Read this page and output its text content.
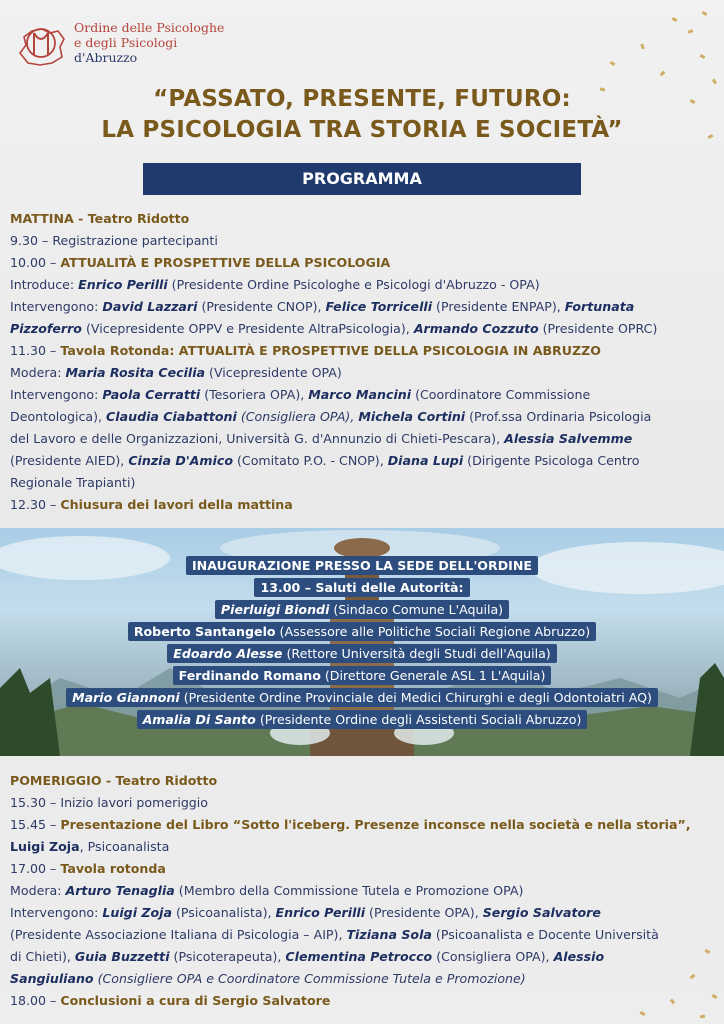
Ordine delle Psicologhe
e degli Psicologi
d'Abruzzo
“PASSATO, PRESENTE, FUTURO:
LA PSICOLOGIA TRA STORIA E SOCIETÀ”
PROGRAMMA

MATTINA - Teatro Ridotto

9.30 – Registrazione partecipanti

10.00 – ATTUALITÀ E PROSPETTIVE DELLA PSICOLOGIA

Introduce: Enrico Perilli (Presidente Ordine Psicologhe e Psicologi d'Abruzzo - OPA)

Intervengono: David Lazzari (Presidente CNOP), Felice Torricelli (Presidente ENPAP), Fortunata

Pizzoferro (Vicepresidente OPPV e Presidente AltraPsicologia), Armando Cozzuto (Presidente OPRC)

11.30 – Tavola Rotonda: ATTUALITÀ E PROSPETTIVE DELLA PSICOLOGIA IN ABRUZZO

Modera: Maria Rosita Cecilia (Vicepresidente OPA)

Intervengono: Paola Cerratti (Tesoriera OPA), Marco Mancini (Coordinatore Commissione

Deontologica), Claudia Ciabattoni (Consigliera OPA), Michela Cortini (Prof.ssa Ordinaria Psicologia

del Lavoro e delle Organizzazioni, Università G. d'Annunzio di Chieti-Pescara), Alessia Salvemme

(Presidente AIED), Cinzia D'Amico (Comitato P.O. - CNOP), Diana Lupi (Dirigente Psicologa Centro

Regionale Trapianti)

12.30 – Chiusura dei lavori della mattina

INAUGURAZIONE PRESSO LA SEDE DELL'ORDINE
13.00 – Saluti delle Autorità:
Pierluigi Biondi (Sindaco Comune L'Aquila)
Roberto Santangelo (Assessore alle Politiche Sociali Regione Abruzzo)
Edoardo Alesse (Rettore Università degli Studi dell'Aquila)
Ferdinando Romano (Direttore Generale ASL 1 L'Aquila)
Mario Giannoni (Presidente Ordine Provinciale dei Medici Chirurghi e degli Odontoiatri AQ)
Amalia Di Santo (Presidente Ordine degli Assistenti Sociali Abruzzo)

POMERIGGIO - Teatro Ridotto

15.30 – Inizio lavori pomeriggio

15.45 – Presentazione del Libro “Sotto l'iceberg. Presenze inconsce nella società e nella storia”,

Luigi Zoja, Psicoanalista

17.00 – Tavola rotonda

Modera: Arturo Tenaglia (Membro della Commissione Tutela e Promozione OPA)

Intervengono: Luigi Zoja (Psicoanalista), Enrico Perilli (Presidente OPA), Sergio Salvatore

(Presidente Associazione Italiana di Psicologia – AIP), Tiziana Sola (Psicoanalista e Docente Università

di Chieti), Guia Buzzetti (Psicoterapeuta), Clementina Petrocco (Consigliera OPA), Alessio

Sangiuliano (Consigliere OPA e Coordinatore Commissione Tutela e Promozione)

18.00 – Conclusioni a cura di Sergio Salvatore
